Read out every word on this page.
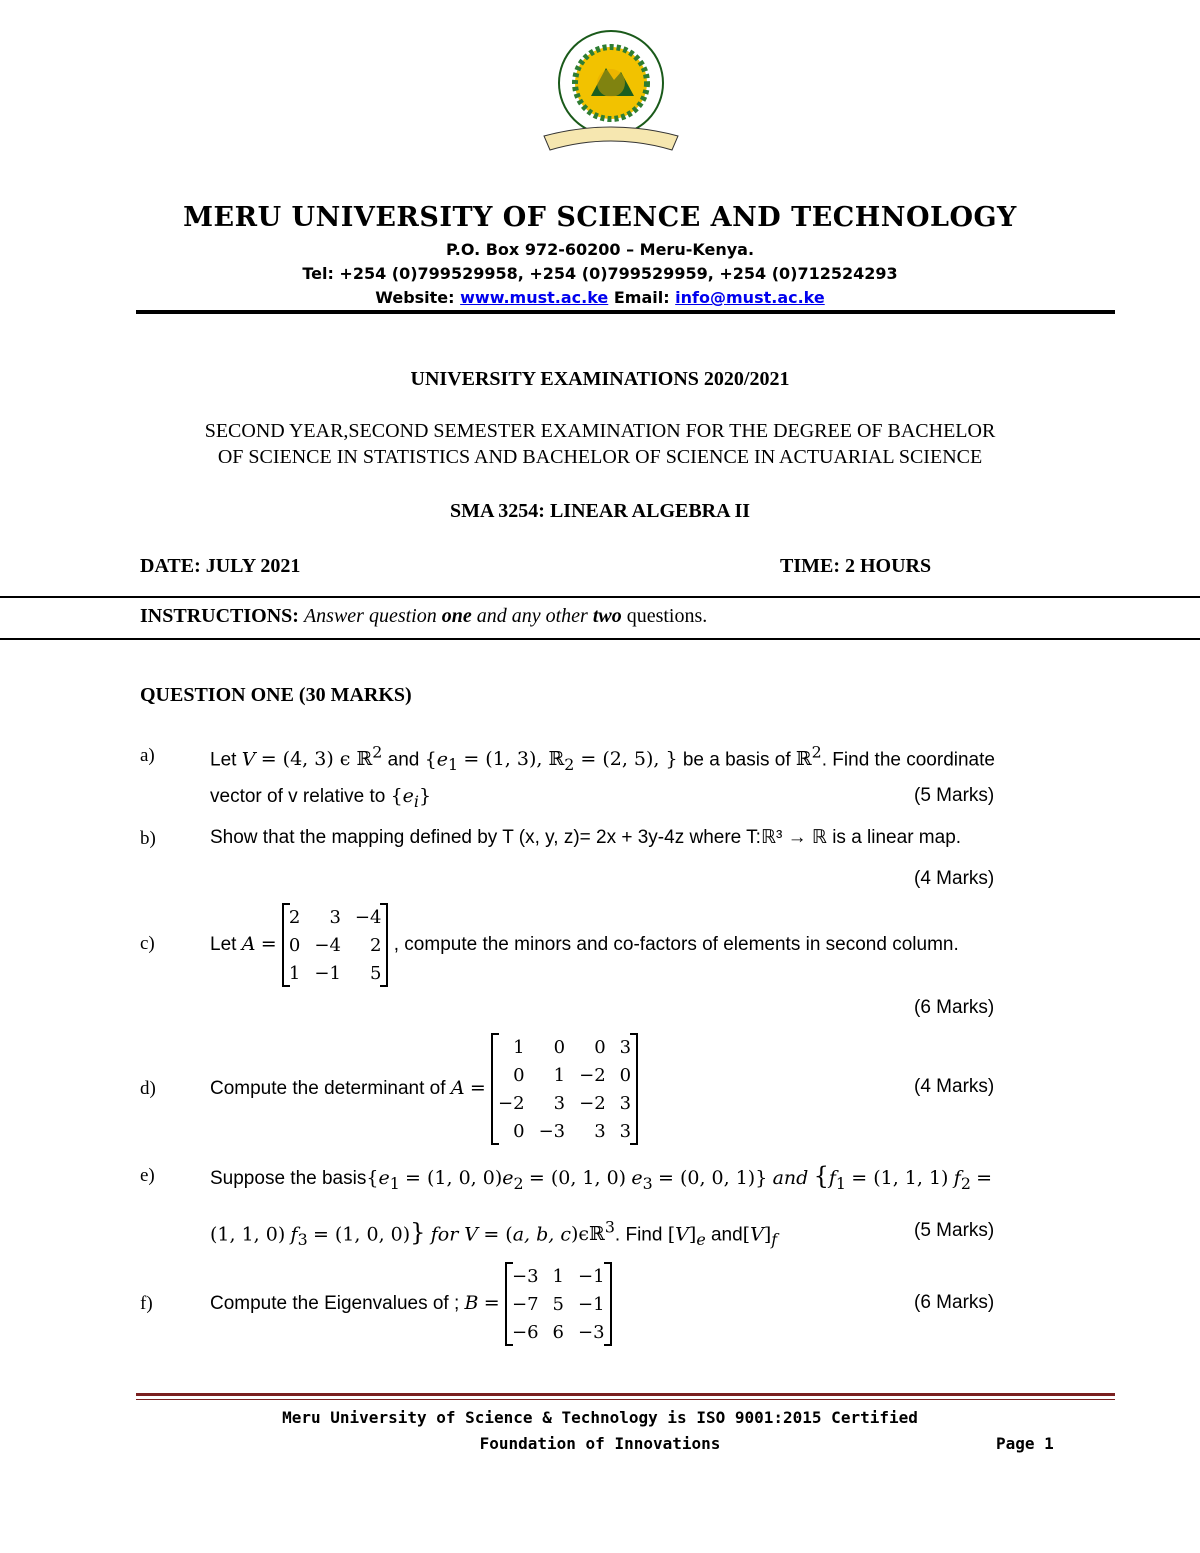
MERU UNIVERSITY OF SCIENCE AND TECHNOLOGY
P.O. Box 972-60200 – Meru-Kenya.
Tel: +254 (0)799529958, +254 (0)799529959, +254 (0)712524293
Website: www.must.ac.ke Email: info@must.ac.ke
UNIVERSITY EXAMINATIONS 2020/2021
SECOND YEAR,SECOND SEMESTER EXAMINATION FOR THE DEGREE OF BACHELOR
OF SCIENCE IN STATISTICS AND BACHELOR OF SCIENCE IN ACTUARIAL SCIENCE
SMA 3254: LINEAR ALGEBRA II
DATE: JULY 2021	TIME: 2 HOURS
INSTRUCTIONS: Answer question one and any other two questions.
QUESTION ONE (30 MARKS)
a)	Let V = (4, 3) ϵ ℝ$^2$ and {$e_1 = (1$, 3), ℝ$_2$ = (2, 5), } be a basis of ℝ$^2$. Find the coordinate
vector of v relative to $\{e_i\}$	(5 Marks)
b)	Show that the mapping defined by T (x, y, z)= 2x + 3y-4z where T:ℝ³ → ℝ is a linear map.
(4 Marks)
c)	Let A =
2	3	−4
0	−4	2
1	−1	5
, compute the minors and co-factors of elements in second column.
(6 Marks)
d)	Compute the determinant of A =
1	0	0	3
0	1	−2	0
−2	3	−2	3
0	−3	3	3
(4 Marks)
e)	Suppose the $basis\{e_1 = (1$, 0, $0)e_2 = (0$, 1, 0) $e_3 = (0$, 0, 1)} and {$f_1 = (1$, 1, 1) $f_2$ =
(1, 1, 0) $f_3 = (1$, 0, 0)} for V = (a, b, c)ϵℝ$^3$. Find $[V]_e$ $and[V]_f$	(5 Marks)
f)	Compute the Eigenvalues of ; B =
−3	1	−1
−7	5	−1
−6	6	−3
(6 Marks)
Meru University of Science & Technology is ISO 9001:2015 Certified
Foundation of Innovations	Page 1
